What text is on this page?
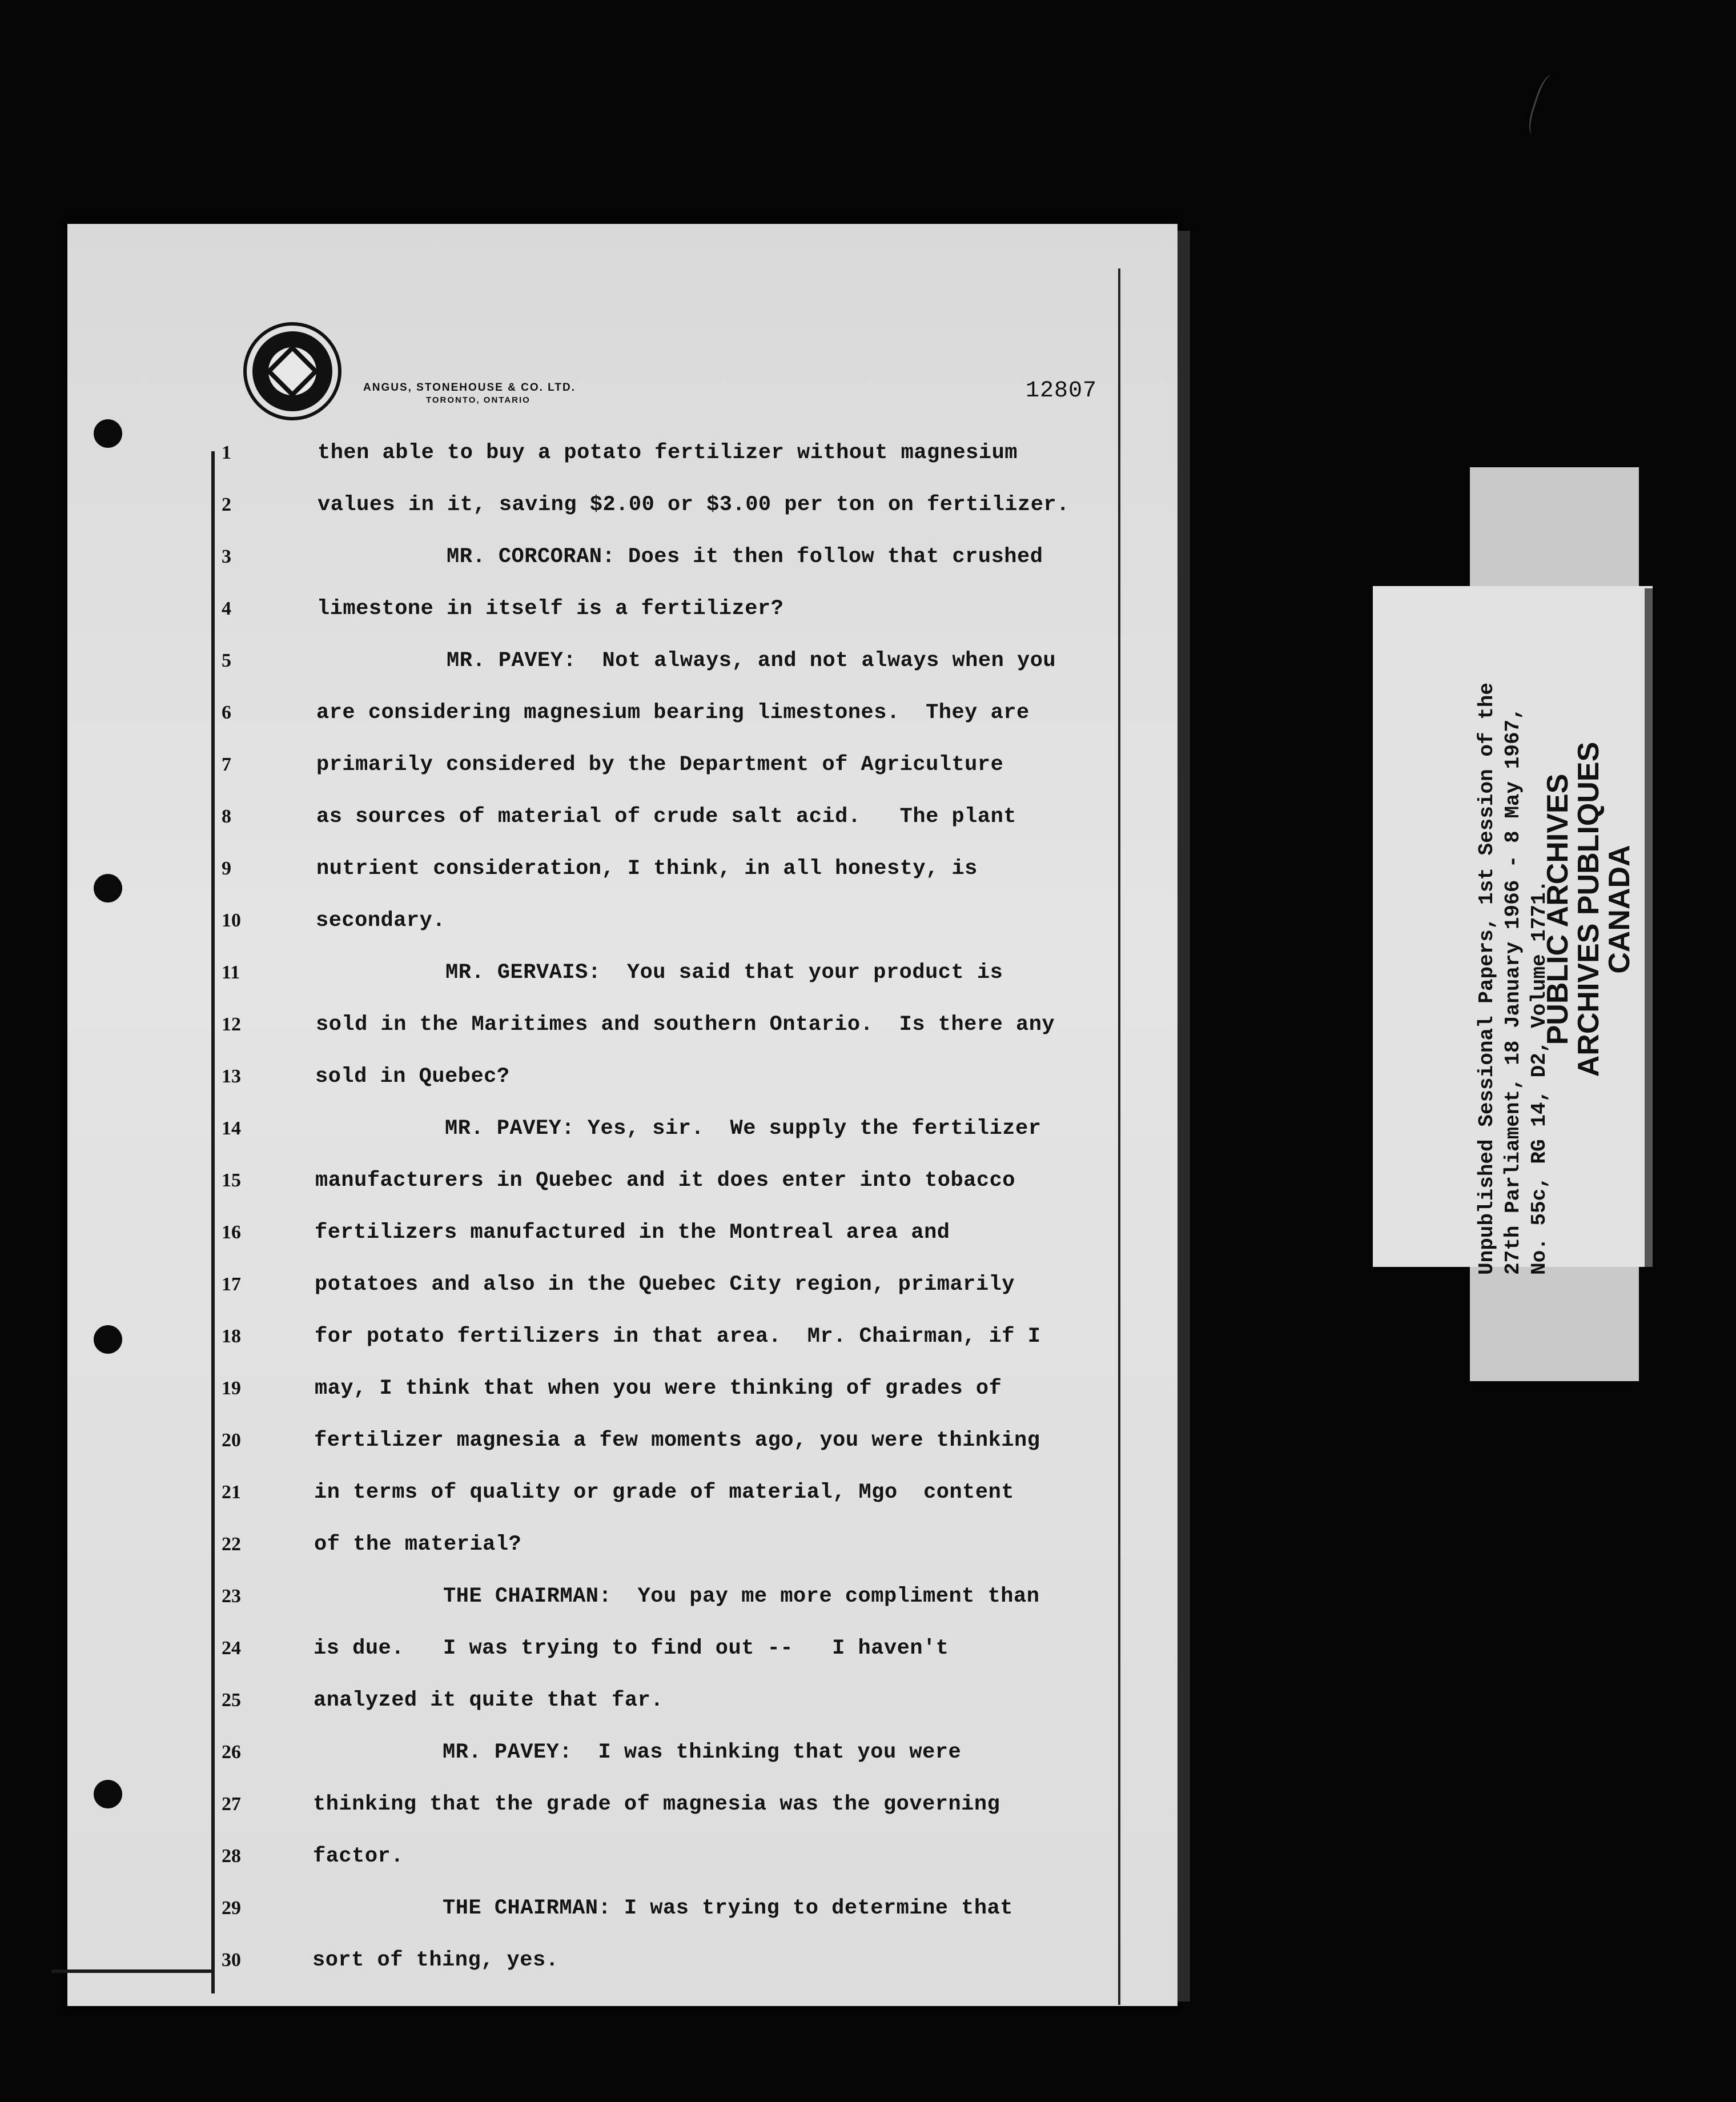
ANGUS, STONEHOUSE & CO. LTD.
TORONTO, ONTARIO	12807
1	then able to buy a potato fertilizer without magnesium
2	values in it, saving $2.00 or $3.00 per ton on fertilizer.
3	MR. CORCORAN: Does it then follow that crushed
4	limestone in itself is a fertilizer?
5	MR. PAVEY:  Not always, and not always when you
6	are considering magnesium bearing limestones.  They are
7	primarily considered by the Department of Agriculture
8	as sources of material of crude salt acid.   The plant
9	nutrient consideration, I think, in all honesty, is
10	secondary.
11	MR. GERVAIS:  You said that your product is
12	sold in the Maritimes and southern Ontario.  Is there any
13	sold in Quebec?
14	MR. PAVEY: Yes, sir.  We supply the fertilizer
15	manufacturers in Quebec and it does enter into tobacco
16	fertilizers manufactured in the Montreal area and
17	potatoes and also in the Quebec City region, primarily
18	for potato fertilizers in that area.  Mr. Chairman, if I
19	may, I think that when you were thinking of grades of
20	fertilizer magnesia a few moments ago, you were thinking
21	in terms of quality or grade of material, Mgo  content
22	of the material?
23	THE CHAIRMAN:  You pay me more compliment than
24	is due.   I was trying to find out --   I haven't
25	analyzed it quite that far.
26	MR. PAVEY:  I was thinking that you were
27	thinking that the grade of magnesia was the governing
28	factor.
29	THE CHAIRMAN: I was trying to determine that
30	sort of thing, yes.
Unpublished Sessional Papers, 1st Session of the
27th Parliament, 18 January 1966 - 8 May 1967,
No. 55c, RG 14, D2, Volume 1771.
PUBLIC ARCHIVES
ARCHIVES PUBLIQUES
CANADA
